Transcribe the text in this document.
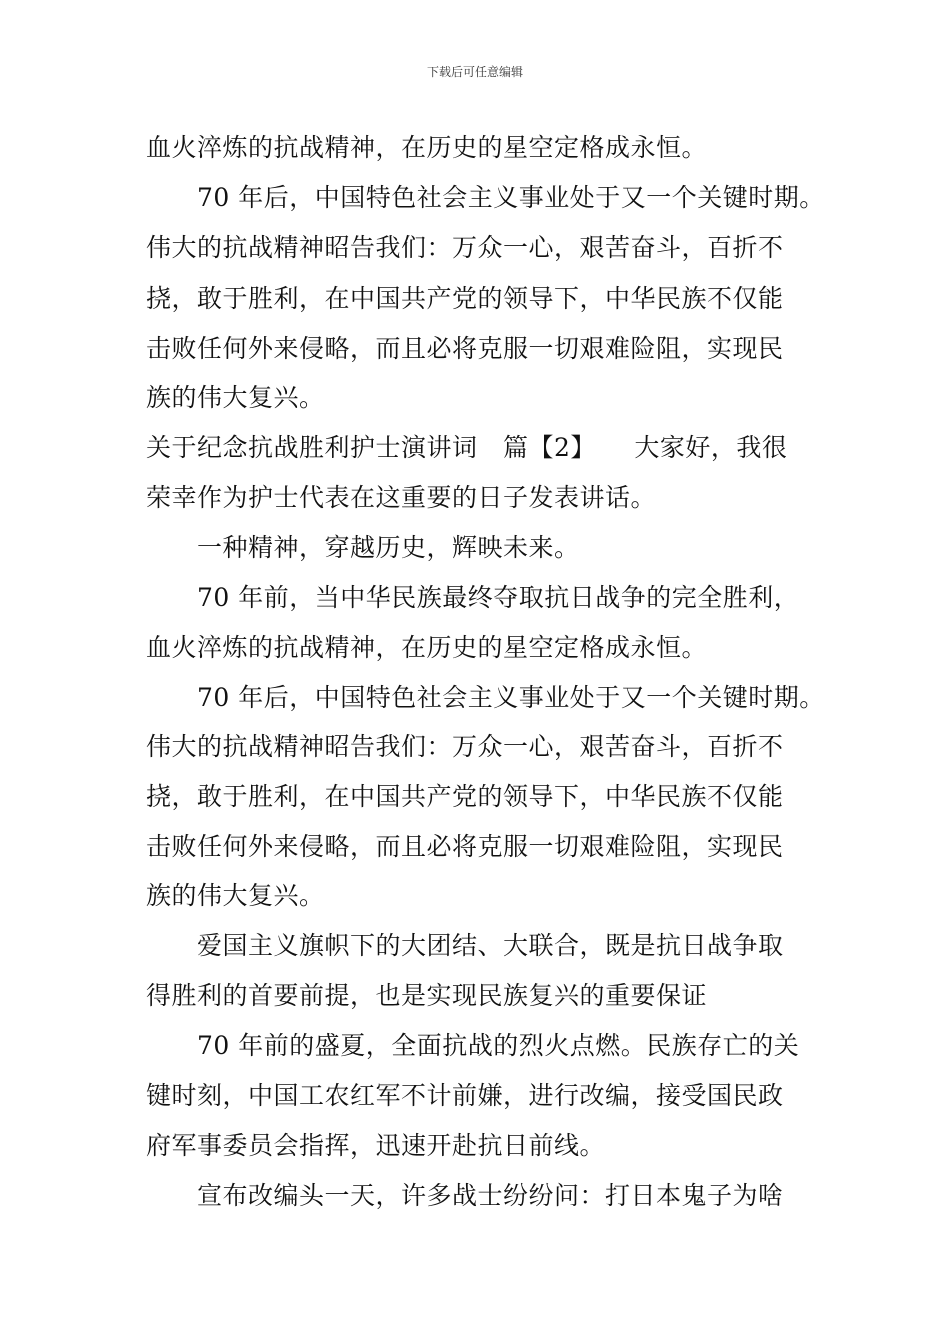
下载后可任意编辑
血火淬炼的抗战精神，在历史的星空定格成永恒。
70 年后，中国特色社会主义事业处于又一个关键时期。
伟大的抗战精神昭告我们：万众一心，艰苦奋斗，百折不
挠，敢于胜利，在中国共产党的领导下，中华民族不仅能
击败任何外来侵略，而且必将克服一切艰难险阻，实现民
族的伟大复兴。
关于纪念抗战胜利护士演讲词　篇【2】　　大家好，我很
荣幸作为护士代表在这重要的日子发表讲话。
一种精神，穿越历史，辉映未来。
70 年前，当中华民族最终夺取抗日战争的完全胜利，
血火淬炼的抗战精神，在历史的星空定格成永恒。
70 年后，中国特色社会主义事业处于又一个关键时期。
伟大的抗战精神昭告我们：万众一心，艰苦奋斗，百折不
挠，敢于胜利，在中国共产党的领导下，中华民族不仅能
击败任何外来侵略，而且必将克服一切艰难险阻，实现民
族的伟大复兴。
爱国主义旗帜下的大团结、大联合，既是抗日战争取
得胜利的首要前提，也是实现民族复兴的重要保证
70 年前的盛夏，全面抗战的烈火点燃。民族存亡的关
键时刻，中国工农红军不计前嫌，进行改编，接受国民政
府军事委员会指挥，迅速开赴抗日前线。
宣布改编头一天，许多战士纷纷问：打日本鬼子为啥
